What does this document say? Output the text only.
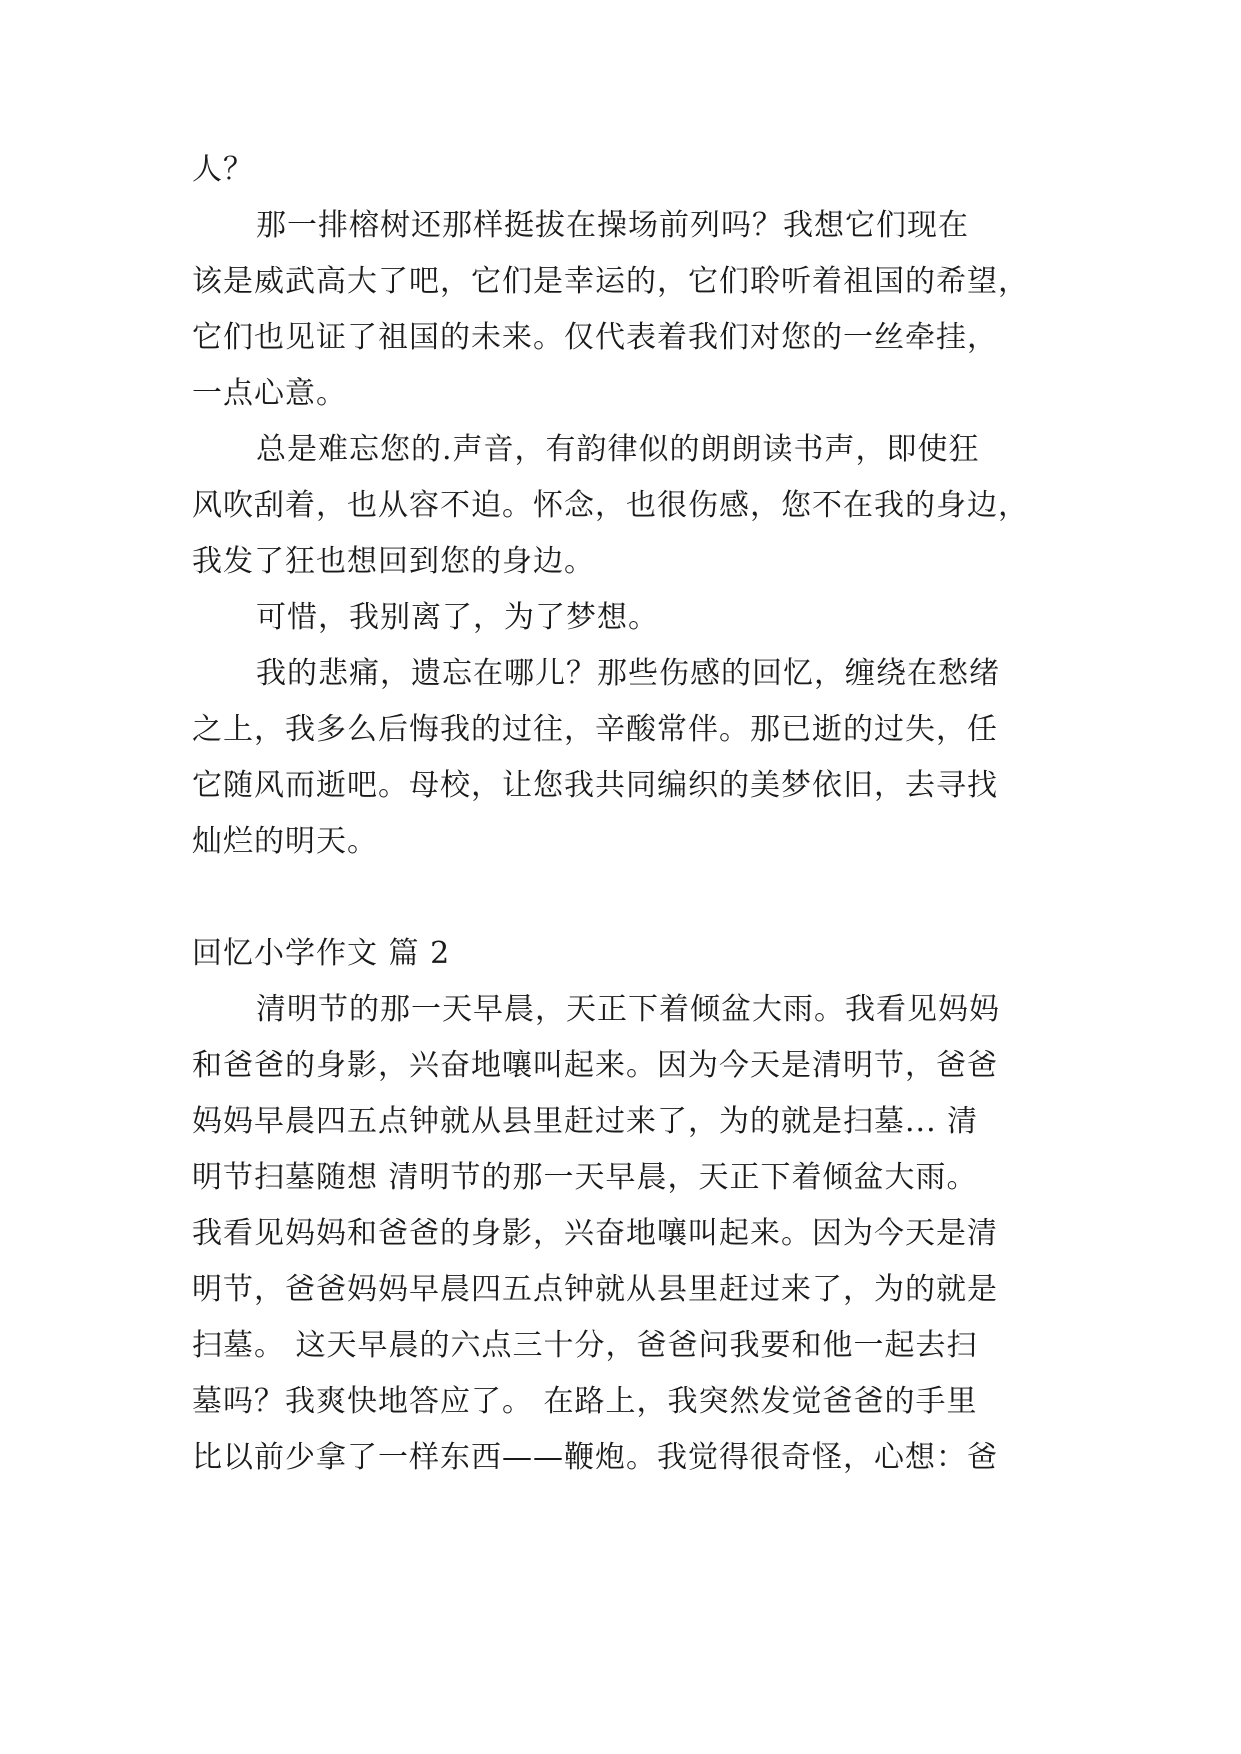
人？
那一排榕树还那样挺拔在操场前列吗？我想它们现在
该是威武高大了吧，它们是幸运的，它们聆听着祖国的希望，
它们也见证了祖国的未来。仅代表着我们对您的一丝牵挂，
一点心意。
总是难忘您的.声音，有韵律似的朗朗读书声，即使狂
风吹刮着，也从容不迫。怀念，也很伤感，您不在我的身边，
我发了狂也想回到您的身边。
可惜，我别离了，为了梦想。
我的悲痛，遗忘在哪儿？那些伤感的回忆，缠绕在愁绪
之上，我多么后悔我的过往，辛酸常伴。那已逝的过失，任
它随风而逝吧。母校，让您我共同编织的美梦依旧，去寻找
灿烂的明天。
回忆小学作文 篇 2
清明节的那一天早晨，天正下着倾盆大雨。我看见妈妈
和爸爸的身影，兴奋地嚷叫起来。因为今天是清明节，爸爸
妈妈早晨四五点钟就从县里赶过来了，为的就是扫墓... 清
明节扫墓随想 清明节的那一天早晨，天正下着倾盆大雨。
我看见妈妈和爸爸的身影，兴奋地嚷叫起来。因为今天是清
明节，爸爸妈妈早晨四五点钟就从县里赶过来了，为的就是
扫墓。 这天早晨的六点三十分，爸爸问我要和他一起去扫
墓吗？我爽快地答应了。 在路上，我突然发觉爸爸的手里
比以前少拿了一样东西——鞭炮。我觉得很奇怪，心想：爸
